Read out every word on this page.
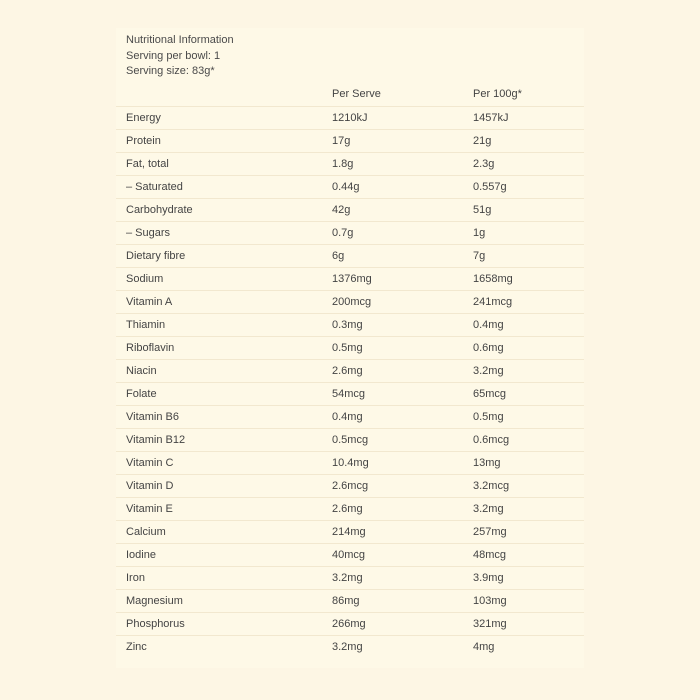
Nutritional Information
Serving per bowl: 1
Serving size: 83g*
	Per Serve	Per 100g*
Energy	1210kJ	1457kJ
Protein	17g	21g
Fat, total	1.8g	2.3g
– Saturated	0.44g	0.557g
Carbohydrate	42g	51g
– Sugars	0.7g	1g
Dietary fibre	6g	7g
Sodium	1376mg	1658mg
Vitamin A	200mcg	241mcg
Thiamin	0.3mg	0.4mg
Riboflavin	0.5mg	0.6mg
Niacin	2.6mg	3.2mg
Folate	54mcg	65mcg
Vitamin B6	0.4mg	0.5mg
Vitamin B12	0.5mcg	0.6mcg
Vitamin C	10.4mg	13mg
Vitamin D	2.6mcg	3.2mcg
Vitamin E	2.6mg	3.2mg
Calcium	214mg	257mg
Iodine	40mcg	48mcg
Iron	3.2mg	3.9mg
Magnesium	86mg	103mg
Phosphorus	266mg	321mg
Zinc	3.2mg	4mg
